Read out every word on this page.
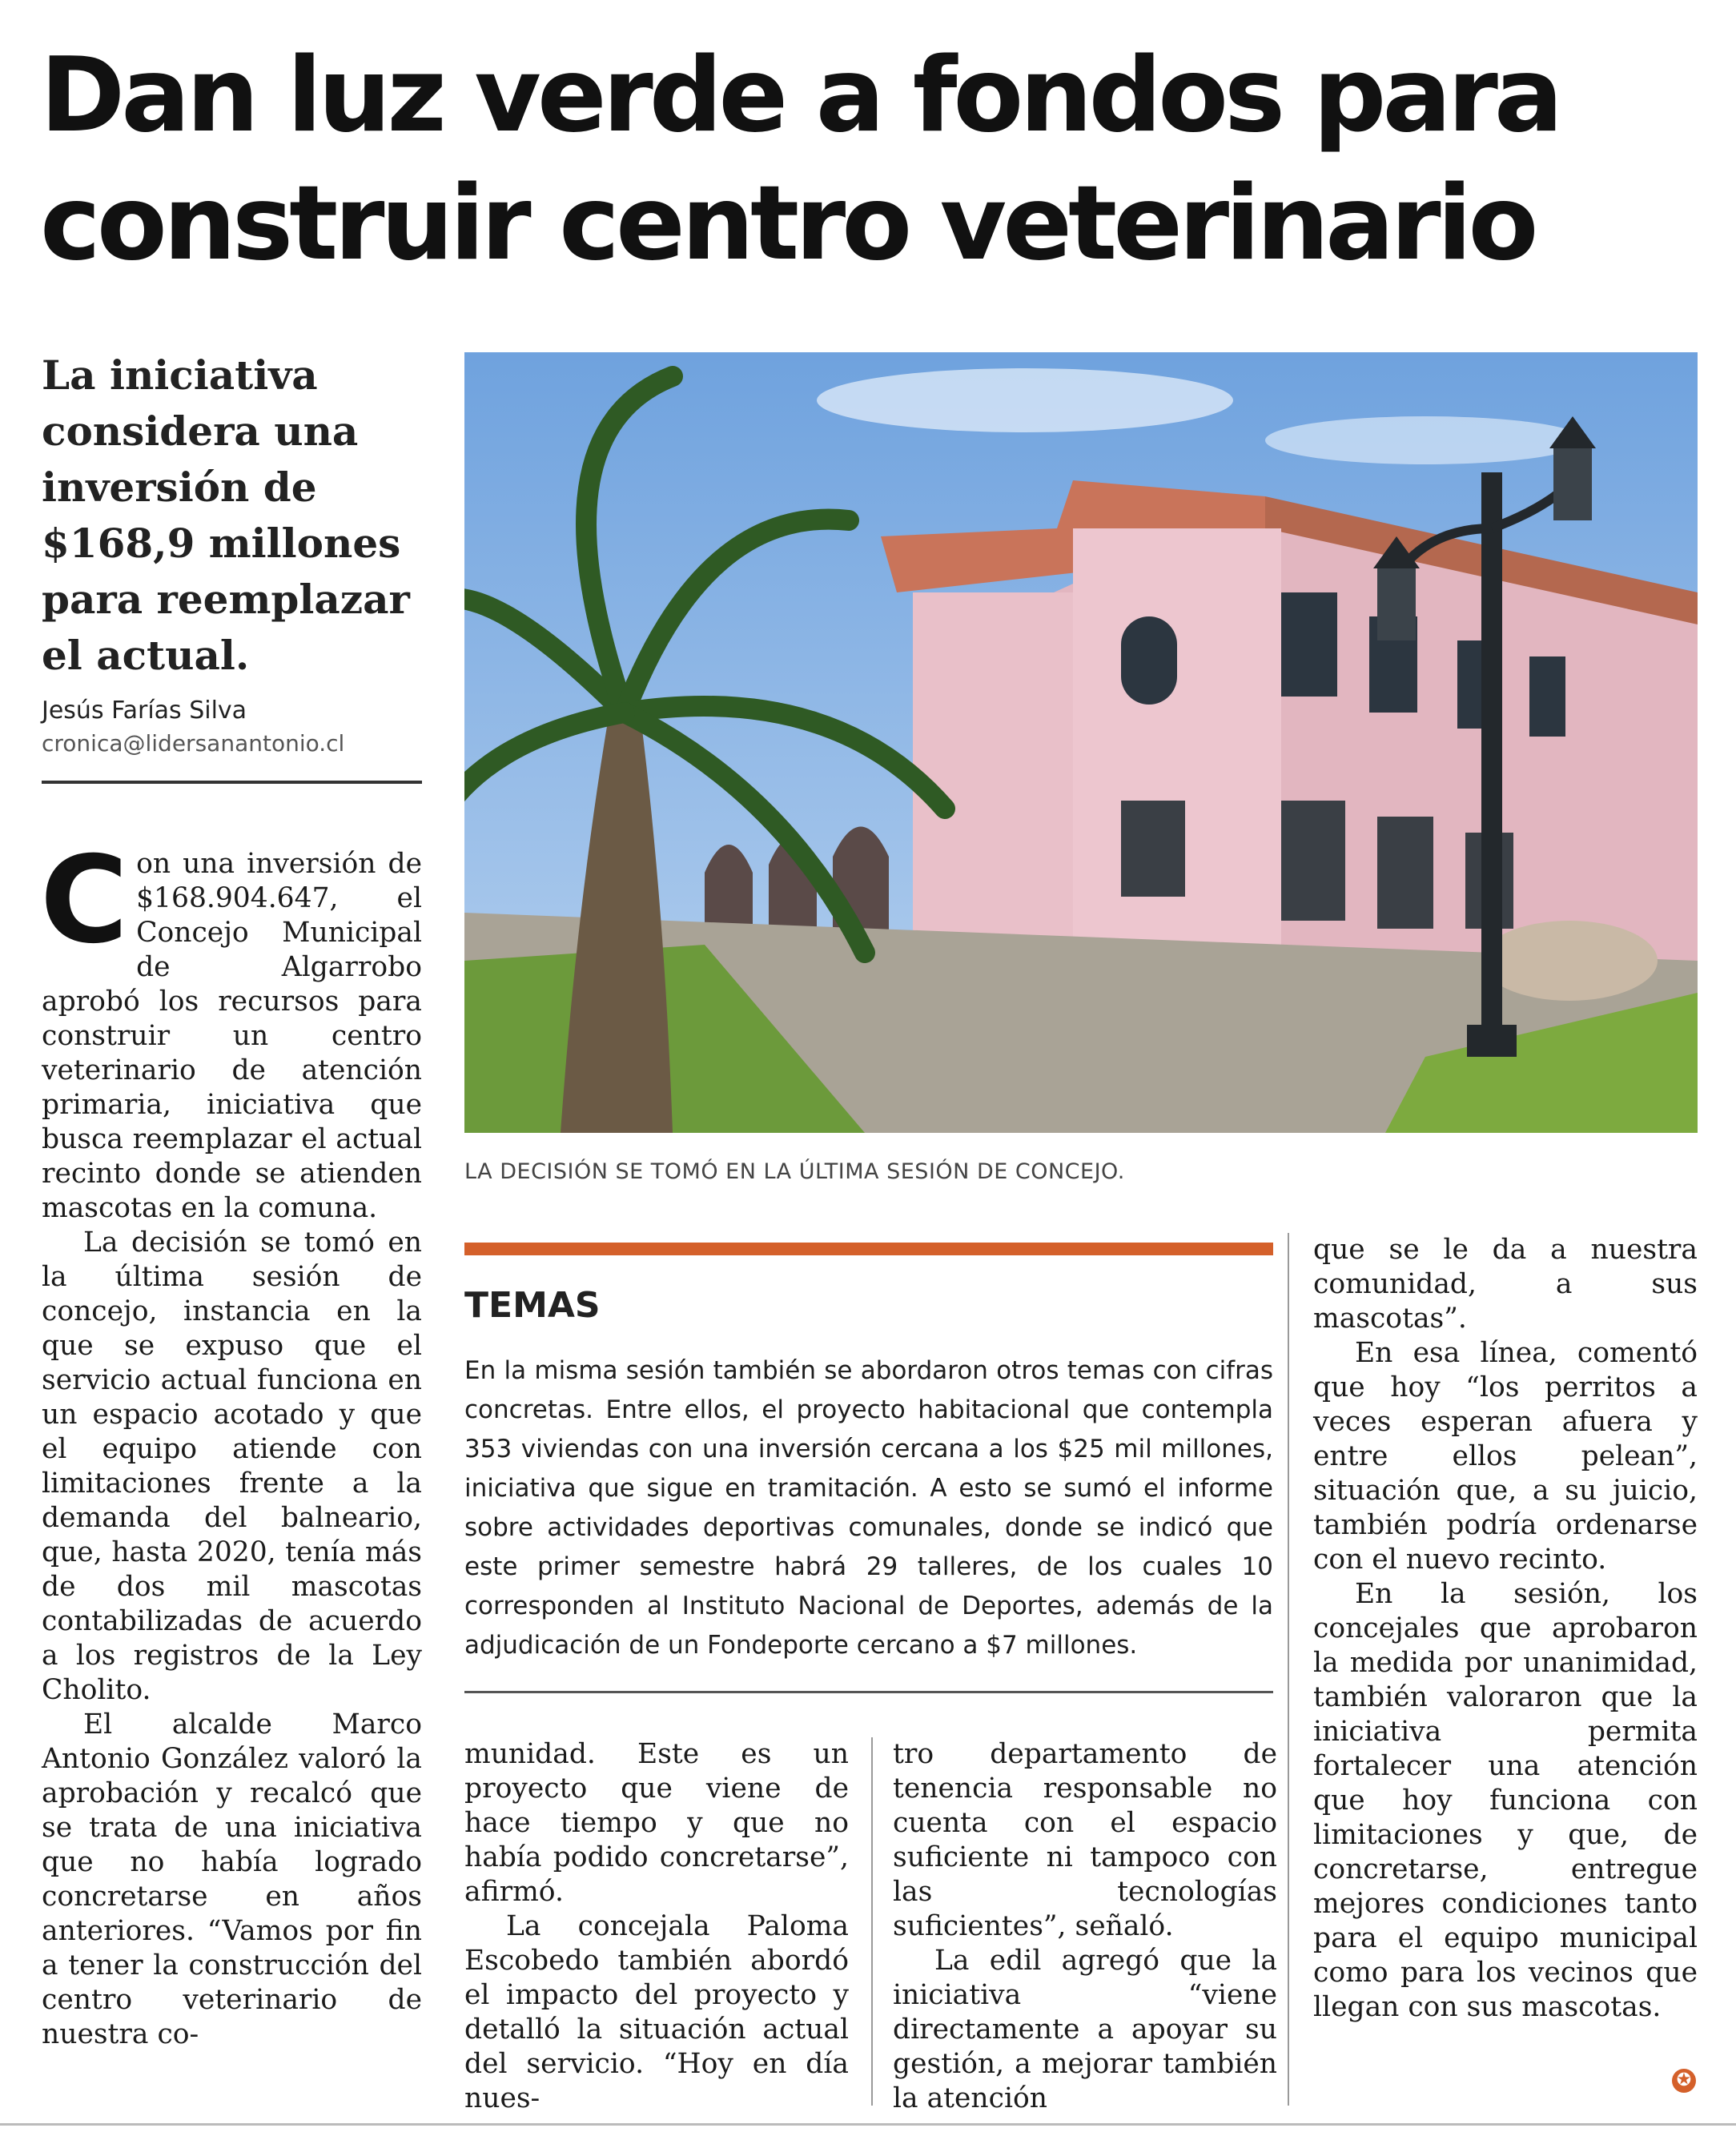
Dan luz verde a fondos para
construir centro veterinario
La iniciativa considera una inversión de $168,9 millones para reemplazar el actual.
Jesús Farías Silva
cronica@lidersanantonio.cl

Con una inversión de $168.904.647, el Concejo Municipal de Algarrobo aprobó los recursos para construir un centro veterinario de atención primaria, iniciativa que busca reemplazar el actual recinto donde se atienden mascotas en la comuna.

La decisión se tomó en la última sesión de concejo, instancia en la que se expuso que el servicio actual funciona en un espacio acotado y que el equipo atiende con limitaciones frente a la demanda del balneario, que, hasta 2020, tenía más de dos mil mascotas contabilizadas de acuerdo a los registros de la Ley Cholito.

El alcalde Marco Antonio González valoró la aprobación y recalcó que se trata de una iniciativa que no había logrado concretarse en años anteriores. “Vamos por fin a tener la construcción del centro veterinario de nuestra co-

LA DECISIÓN SE TOMÓ EN LA ÚLTIMA SESIÓN DE CONCEJO.
TEMAS
En la misma sesión también se abordaron otros temas con cifras concretas. Entre ellos, el proyecto habitacional que contempla 353 viviendas con una inversión cercana a los $25 mil millones, iniciativa que sigue en tramitación. A esto se sumó el informe sobre actividades deportivas comunales, donde se indicó que este primer semestre habrá 29 talleres, de los cuales 10 corresponden al Instituto Nacional de Deportes, además de la adjudicación de un Fondeporte cercano a $7 millones.

munidad. Este es un proyecto que viene de hace tiempo y que no había podido concretarse”, afirmó.

La concejala Paloma Escobedo también abordó el impacto del proyecto y detalló la situación actual del servicio. “Hoy en día nues-

tro departamento de tenencia responsable no cuenta con el espacio suficiente ni tampoco con las tecnologías suficientes”, señaló.

La edil agregó que la iniciativa “viene directamente a apoyar su gestión, a mejorar también la atención

que se le da a nuestra comunidad, a sus mascotas”.

En esa línea, comentó que hoy “los perritos a veces esperan afuera y entre ellos pelean”, situación que, a su juicio, también podría ordenarse con el nuevo recinto.

En la sesión, los concejales que aprobaron la medida por unanimidad, también valoraron que la iniciativa permita fortalecer una atención que hoy funciona con limitaciones y que, de concretarse, entregue mejores condiciones tanto para el equipo municipal como para los vecinos que llegan con sus mascotas.

✪
